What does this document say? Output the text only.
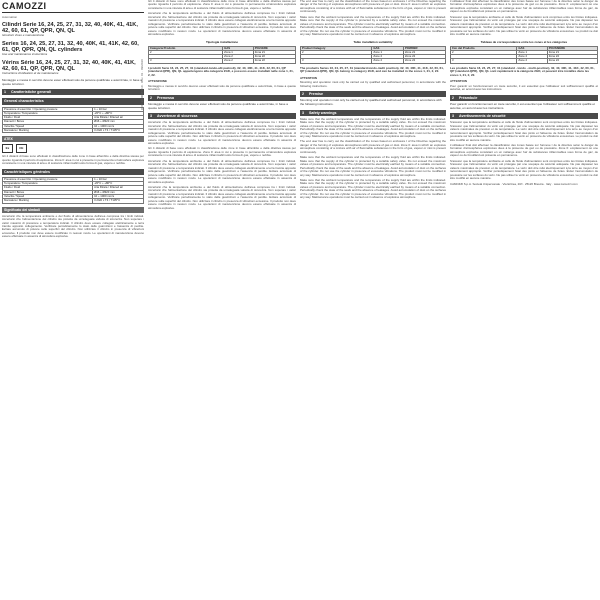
CAMOZZI
Automation

Cilindri Serie 16, 24, 25, 27, 31, 32, 40, 40K, 41, 41K, 42, 60, 61, QP, QPR, QN, QL

Istruzioni d'uso e manutenzione

Series 16, 24, 25, 27, 31, 32, 40, 40K, 41, 41K, 42, 60, 61, QP, QPR, QN, QL cylinders

Use and maintenance instructions

Vérins Série 16, 24, 25, 27, 31, 32, 40, 40K, 41, 41K, 42, 60, 61, QP, QPR, QN, QL

Instructions d'utilisation et de maintenance

Montaggio e messa in servizio devono esser effettuati solo da persone qualificate e autorizzate, in base a queste istruzioni.

1 Caratteristiche generali
General characteristics
Pressione di esercizio / Operating pressure	1 ÷ 10 bar
Temperatura / Temperature	-20°C ÷ +80°C
Fluido / Fluid	Aria filtrata / Filtered air
Diametri / Bores	Ø16 ÷ Ø320 mm
Velocità / Speed	10 ÷ 1000 mm/s
Marcatura / Marking	II 2GD c T4 / T135°C
ATEX
Ex	CE
Gli 4 distanti di base sono effettuati in classificazione delle zone in base all'ambito e della direttiva stessa per quanto riguarda il pericolo di esplosione. Zona 0: area in cui è presente in permanenza un'atmosfera esplosiva consistente in una miscela di aria e di sostanze infiammabili sotto forma di gas, vapore o nebbia.
Caractéristiques générales
Pressione di esercizio / Operating pressure	1 ÷ 10 bar
Temperatura / Temperature	-20°C ÷ +80°C
Fluido / Fluid	Aria filtrata / Filtered air
Diametri / Bores	Ø16 ÷ Ø320 mm
Velocità / Speed	10 ÷ 1000 mm/s
Marcatura / Marking	II 2GD c T4 / T135°C
Significato dei simboli
Accertarsi che la temperatura ambiente e del fluido di alimentazione dell'area compresa tra i limiti indicati. Accertarsi che l'alimentazione del cilindro sia protetta da un'adeguata valvola di sicurezza. Non superare i valori massimi di pressione e temperatura indicati. Il cilindro deve essere collegato elettricamente a terra tramite apposito collegamento. Verificare periodicamente lo stato delle guarnizioni e l'assenza di perdite. Evitare accumulo di polvere sulle superfici del cilindro. Non utilizzare il cilindro in presenza di vibrazioni eccessive. Il prodotto non deve essere modificato in nessun modo. Le operazioni di manutenzione devono essere effettuate in assenza di atmosfera esplosiva.
DOC.19-0037-010 · Rev. 01 · 09/2020
Gli 4 distanti di base sono effettuati in classificazione delle zone in base all'ambito e della direttiva stessa per quanto riguarda il pericolo di esplosione. Zona 0: area in cui è presente in permanenza un'atmosfera esplosiva consistente in una miscela di aria e di sostanze infiammabili sotto forma di gas, vapore o nebbia.
Accertarsi che la temperatura ambiente e del fluido di alimentazione dell'area compresa tra i limiti indicati. Accertarsi che l'alimentazione del cilindro sia protetta da un'adeguata valvola di sicurezza. Non superare i valori massimi di pressione e temperatura indicati. Il cilindro deve essere collegato elettricamente a terra tramite apposito collegamento. Verificare periodicamente lo stato delle guarnizioni e l'assenza di perdite. Evitare accumulo di polvere sulle superfici del cilindro. Non utilizzare il cilindro in presenza di vibrazioni eccessive. Il prodotto non deve essere modificato in nessun modo. Le operazioni di manutenzione devono essere effettuate in assenza di atmosfera esplosiva.
Tipologia installazione
Categoria Prodotto	GAS	POLVERE
2	Zona 1	Zona 21
	Zona 2	Zona 22
3	Zona 2	Zona 22

I prodotti Serie 16, 24, 25, 27, 31 (standard-tondo-alti pazinoli), 32, 40, 40K, 41, 41K, 42, 60, 61, QP (standard-QPR), QN, QL appartengono alla categoria 2GD, e possono essere installati nelle zone 1, 21, 2, 22.

ATTENZIONE

Montaggio e messa in servizio devono esser effettuati solo da persone qualificate e autorizzate, in base a queste istruzioni.
2 Premessa

Montaggio e messa in servizio devono esser effettuati solo da persone qualificate e autorizzate, in base a queste istruzioni.

3 Avvertenze di sicurezza
Accertarsi che la temperatura ambiente e del fluido di alimentazione dell'area compresa tra i limiti indicati. Accertarsi che l'alimentazione del cilindro sia protetta da un'adeguata valvola di sicurezza. Non superare i valori massimi di pressione e temperatura indicati. Il cilindro deve essere collegato elettricamente a terra tramite apposito collegamento. Verificare periodicamente lo stato delle guarnizioni e l'assenza di perdite. Evitare accumulo di polvere sulle superfici del cilindro. Non utilizzare il cilindro in presenza di vibrazioni eccessive. Il prodotto non deve essere modificato in nessun modo. Le operazioni di manutenzione devono essere effettuate in assenza di atmosfera esplosiva.
Gli 4 distanti di base sono effettuati in classificazione delle zone in base all'ambito e della direttiva stessa per quanto riguarda il pericolo di esplosione. Zona 0: area in cui è presente in permanenza un'atmosfera esplosiva consistente in una miscela di aria e di sostanze infiammabili sotto forma di gas, vapore o nebbia.
Accertarsi che la temperatura ambiente e del fluido di alimentazione dell'area compresa tra i limiti indicati. Accertarsi che l'alimentazione del cilindro sia protetta da un'adeguata valvola di sicurezza. Non superare i valori massimi di pressione e temperatura indicati. Il cilindro deve essere collegato elettricamente a terra tramite apposito collegamento. Verificare periodicamente lo stato delle guarnizioni e l'assenza di perdite. Evitare accumulo di polvere sulle superfici del cilindro. Non utilizzare il cilindro in presenza di vibrazioni eccessive. Il prodotto non deve essere modificato in nessun modo. Le operazioni di manutenzione devono essere effettuate in assenza di atmosfera esplosiva.
Accertarsi che la temperatura ambiente e del fluido di alimentazione dell'area compresa tra i limiti indicati. Accertarsi che l'alimentazione del cilindro sia protetta da un'adeguata valvola di sicurezza. Non superare i valori massimi di pressione e temperatura indicati. Il cilindro deve essere collegato elettricamente a terra tramite apposito collegamento. Verificare periodicamente lo stato delle guarnizioni e l'assenza di perdite. Evitare accumulo di polvere sulle superfici del cilindro. Non utilizzare il cilindro in presenza di vibrazioni eccessive. Il prodotto non deve essere modificato in nessun modo. Le operazioni di manutenzione devono essere effettuate in assenza di atmosfera esplosiva.
The end user has to carry out the classification of the zones based on enclosure I of the Directive regarding the danger of the forming of explosive atmospheres with presence of gas or dust. Zone 0: area in which an explosive atmosphere consisting of a mixture with air of flammable substances in the form of gas, vapour or mist is present continuously.
Make sure that the ambient temperature and the temperature of the supply fluid are within the limits indicated. Make sure that the supply of the cylinder is protected by a suitable safety valve. Do not exceed the maximum values of pressure and temperature. The cylinder must be electrically earthed by means of a suitable connection. Periodically check the state of the seals and the absence of leakages. Avoid accumulation of dust on the surfaces of the cylinder. Do not use the cylinder in presence of excessive vibrations. The product must not be modified in any way. Maintenance operations must be carried out in absence of explosive atmosphere.
Table installation suitability
Product Category	GAS	POWDER
2	Zone 1	Zone 21
	Zone 2	Zone 22
3	Zone 2	Zone 22

The products Series 16, 24, 25, 27, 31 (standard-tondo-multi position), 32, 40, 40K, 41, 41K, 42, 60, 61, QP (standard-QPR), QN, QL belong to category 2GD, and can be installed in the zones 1, 21, 2, 22.

ATTENTION

Mounting and operation must only be carried out by qualified and authorised personnel, in accordance with the following instructions.
2 Premise

Mounting and operation must only be carried out by qualified and authorised personnel, in accordance with the following instructions.

3 Safety warnings
Make sure that the ambient temperature and the temperature of the supply fluid are within the limits indicated. Make sure that the supply of the cylinder is protected by a suitable safety valve. Do not exceed the maximum values of pressure and temperature. The cylinder must be electrically earthed by means of a suitable connection. Periodically check the state of the seals and the absence of leakages. Avoid accumulation of dust on the surfaces of the cylinder. Do not use the cylinder in presence of excessive vibrations. The product must not be modified in any way. Maintenance operations must be carried out in absence of explosive atmosphere.
The end user has to carry out the classification of the zones based on enclosure I of the Directive regarding the danger of the forming of explosive atmospheres with presence of gas or dust. Zone 0: area in which an explosive atmosphere consisting of a mixture with air of flammable substances in the form of gas, vapour or mist is present continuously.
Make sure that the ambient temperature and the temperature of the supply fluid are within the limits indicated. Make sure that the supply of the cylinder is protected by a suitable safety valve. Do not exceed the maximum values of pressure and temperature. The cylinder must be electrically earthed by means of a suitable connection. Periodically check the state of the seals and the absence of leakages. Avoid accumulation of dust on the surfaces of the cylinder. Do not use the cylinder in presence of excessive vibrations. The product must not be modified in any way. Maintenance operations must be carried out in absence of explosive atmosphere.
Make sure that the ambient temperature and the temperature of the supply fluid are within the limits indicated. Make sure that the supply of the cylinder is protected by a suitable safety valve. Do not exceed the maximum values of pressure and temperature. The cylinder must be electrically earthed by means of a suitable connection. Periodically check the state of the seals and the absence of leakages. Avoid accumulation of dust on the surfaces of the cylinder. Do not use the cylinder in presence of excessive vibrations. The product must not be modified in any way. Maintenance operations must be carried out in absence of explosive atmosphere.
L'utilisateur final doit effectuer la classification des zones basée sur l'annexe I de la directive selon le danger de formation d'atmosphères explosives dues à la présence de gaz ou de poussière. Zone 0: emplacement où une atmosphère explosive consistant en un mélange avec l'air de substances inflammables sous forme de gaz, de vapeur ou de brouillard est présente en permanence.
S'assurer que la température ambiante et celle du fluide d'alimentation sont comprises entre les limites indiquées. S'assurer que l'alimentation du vérin est protégée par une soupape de sécurité adéquate. Ne pas dépasser les valeurs maximales de pression et de température. Le vérin doit être relié électriquement à la terre au moyen d'un raccordement approprié. Vérifier périodiquement l'état des joints et l'absence de fuites. Éviter l'accumulation de poussière sur les surfaces du vérin. Ne pas utiliser le vérin en présence de vibrations excessives. Le produit ne doit être modifié en aucune manière.
Tableau de correspondance entre les zones et les catégories
Cat. del Prodotto	GAS	POUSSIÈRE
2	Zone 1	Zone 21
	Zone 2	Zone 22
3	Zone 2	Zone 22

Les produits Série 16, 24, 25, 27, 31 (standard - tondo - multi-position), 32, 40, 40K, 41, 41K, 42, 60, 61, QP (standard-QPR), QN, QL sont rapidement à la catégorie 2GD, et peuvent être installés dans les zones 1, 21, 2, 22.

ATTENTION

Pour garantir un fonctionnement en toute sécurité, il est essentiel que l'utilisateur soit suffisamment qualifié et autorisé, en accord avec les instructions.
2 Préambule

Pour garantir un fonctionnement en toute sécurité, il est essentiel que l'utilisateur soit suffisamment qualifié et autorisé, en accord avec les instructions.

3 Avertissements de sécurité
S'assurer que la température ambiante et celle du fluide d'alimentation sont comprises entre les limites indiquées. S'assurer que l'alimentation du vérin est protégée par une soupape de sécurité adéquate. Ne pas dépasser les valeurs maximales de pression et de température. Le vérin doit être relié électriquement à la terre au moyen d'un raccordement approprié. Vérifier périodiquement l'état des joints et l'absence de fuites. Éviter l'accumulation de poussière sur les surfaces du vérin. Ne pas utiliser le vérin en présence de vibrations excessives. Le produit ne doit être modifié en aucune manière.
L'utilisateur final doit effectuer la classification des zones basée sur l'annexe I de la directive selon le danger de formation d'atmosphères explosives dues à la présence de gaz ou de poussière. Zone 0: emplacement où une atmosphère explosive consistant en un mélange avec l'air de substances inflammables sous forme de gaz, de vapeur ou de brouillard est présente en permanence.
S'assurer que la température ambiante et celle du fluide d'alimentation sont comprises entre les limites indiquées. S'assurer que l'alimentation du vérin est protégée par une soupape de sécurité adéquate. Ne pas dépasser les valeurs maximales de pression et de température. Le vérin doit être relié électriquement à la terre au moyen d'un raccordement approprié. Vérifier périodiquement l'état des joints et l'absence de fuites. Éviter l'accumulation de poussière sur les surfaces du vérin. Ne pas utiliser le vérin en présence de vibrations excessives. Le produit ne doit être modifié en aucune manière.
CAMOZZI S.p.A. Società Unipersonale · Via Eritrea, 20/I · 25126 Brescia · Italy · www.camozzi.com
